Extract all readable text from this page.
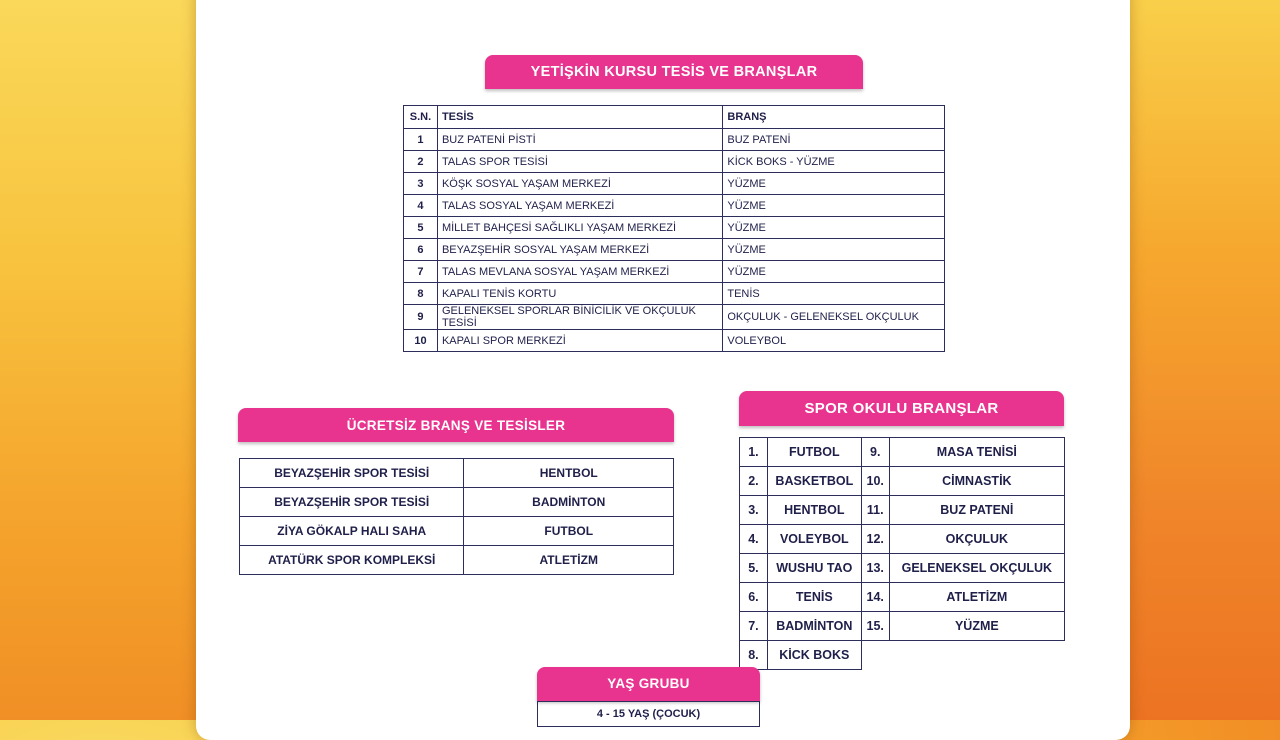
YETİŞKİN KURSU TESİS VE BRANŞLAR
S.N.	TESİS	BRANŞ
1	BUZ PATENİ PİSTİ	BUZ PATENİ
2	TALAS SPOR TESİSİ	KİCK BOKS - YÜZME
3	KÖŞK SOSYAL YAŞAM MERKEZİ	YÜZME
4	TALAS SOSYAL YAŞAM MERKEZİ	YÜZME
5	MİLLET BAHÇESİ SAĞLIKLI YAŞAM MERKEZİ	YÜZME
6	BEYAZŞEHİR SOSYAL YAŞAM MERKEZİ	YÜZME
7	TALAS MEVLANA SOSYAL YAŞAM MERKEZİ	YÜZME
8	KAPALI TENİS KORTU	TENİS
9	GELENEKSEL SPORLAR BİNİCİLİK VE OKÇULUK TESİSİ	OKÇULUK - GELENEKSEL OKÇULUK
10	KAPALI SPOR MERKEZİ	VOLEYBOL
ÜCRETSİZ BRANŞ VE TESİSLER
BEYAZŞEHİR SPOR TESİSİ	HENTBOL
BEYAZŞEHİR SPOR TESİSİ	BADMİNTON
ZİYA GÖKALP HALI SAHA	FUTBOL
ATATÜRK SPOR KOMPLEKSİ	ATLETİZM
SPOR OKULU BRANŞLAR
1.	FUTBOL	9.	MASA TENİSİ
2.	BASKETBOL	10.	CİMNASTİK
3.	HENTBOL	11.	BUZ PATENİ
4.	VOLEYBOL	12.	OKÇULUK
5.	WUSHU TAO	13.	GELENEKSEL OKÇULUK
6.	TENİS	14.	ATLETİZM
7.	BADMİNTON	15.	YÜZME
8.	KİCK BOKS		
YAŞ GRUBU
4 - 15 YAŞ (ÇOCUK)
